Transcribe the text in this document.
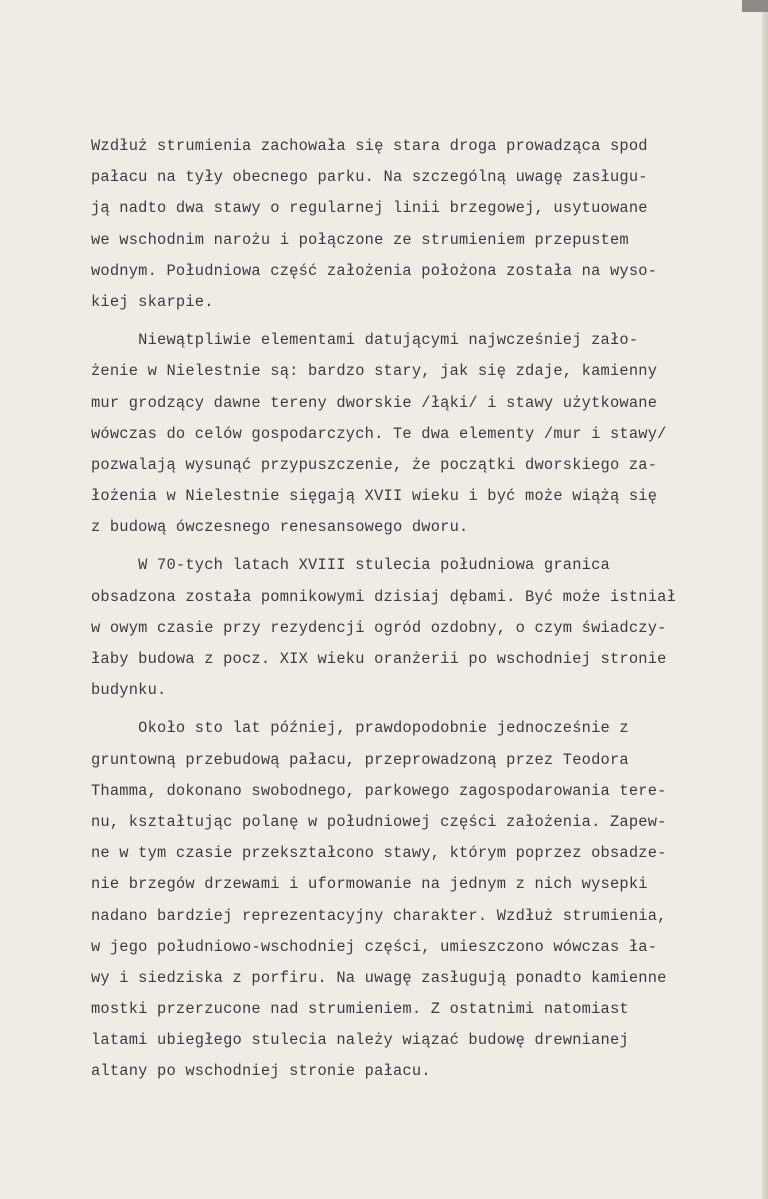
Wzdłuż strumienia zachowała się stara droga prowadząca spod
pałacu na tyły obecnego parku. Na szczególną uwagę zasługu-
ją nadto dwa stawy o regularnej linii brzegowej, usytuowane
we wschodnim narożu i połączone ze strumieniem przepustem
wodnym. Południowa część założenia położona została na wyso-
kiej skarpie.
Niewątpliwie elementami datującymi najwcześniej zało-
żenie w Nielestnie są: bardzo stary, jak się zdaje, kamienny
mur grodzący dawne tereny dworskie /łąki/ i stawy użytkowane
wówczas do celów gospodarczych. Te dwa elementy /mur i stawy/
pozwalają wysunąć przypuszczenie, że początki dworskiego za-
łożenia w Nielestnie sięgają XVII wieku i być może wiążą się
z budową ówczesnego renesansowego dworu.
W 70-tych latach XVIII stulecia południowa granica
obsadzona została pomnikowymi dzisiaj dębami. Być może istniał
w owym czasie przy rezydencji ogród ozdobny, o czym świadczy-
łaby budowa z pocz. XIX wieku oranżerii po wschodniej stronie
budynku.
Około sto lat później, prawdopodobnie jednocześnie z
gruntowną przebudową pałacu, przeprowadzoną przez Teodora
Thamma, dokonano swobodnego, parkowego zagospodarowania tere-
nu, kształtując polanę w południowej części założenia. Zapew-
ne w tym czasie przekształcono stawy, którym poprzez obsadze-
nie brzegów drzewami i uformowanie na jednym z nich wysepki
nadano bardziej reprezentacyjny charakter. Wzdłuż strumienia,
w jego południowo-wschodniej części, umieszczono wówczas ła-
wy i siedziska z porfiru. Na uwagę zasługują ponadto kamienne
mostki przerzucone nad strumieniem. Z ostatnimi natomiast
latami ubiegłego stulecia należy wiązać budowę drewnianej
altany po wschodniej stronie pałacu.
